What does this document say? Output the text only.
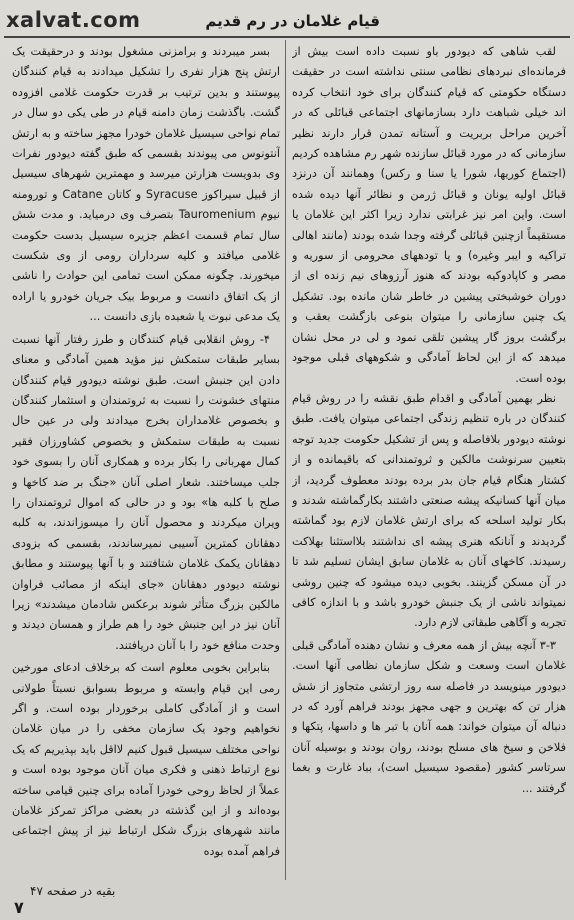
xalvat.com	قیام غلامان در رم قدیم

لقب شاهی که دیودور باو نسبت داده است بیش از فرمانده‌ای نبردهای نظامی سنتی نداشته است در حقیقت دستگاه حکومتی که قیام کنندگان برای خود انتخاب کرده اند خیلی شباهت دارد بسازمانهای اجتماعی قبائلی که در آخرین مراحل بربریت و آستانه تمدن قرار دارند نظیر سازمانی که در مورد قبائل سازنده شهر رم مشاهده کردیم (اجتماع کوریها، شورا یا سنا و رکس) وهمانند آن درنزد قبائل اولیه یونان و قبائل ژرمن و نظائر آنها دیده شده است. واین امر نیز غرابتی ندارد زیرا اکثر این غلامان یا مستقیماً ازچنین قبائلی گرفته وجدا شده بودند (مانند اهالی تراکیه و ایبر وغیره) و یا تودههای محرومی از سوریه و مصر و کاپادوکیه بودند که هنوز آرزوهای نیم زنده ای از دوران خوشبختی پیشین در خاطر شان مانده بود. تشکیل یک چنین سازمانی را میتوان بنوعی بازگشت بعقب و برگشت بروز گار پیشین تلقی نمود و لی در محل نشان میدهد که از این لحاظ آمادگی و شکوههای قبلی موجود بوده است.

نظر بهمین آمادگی و اقدام طبق نقشه را در روش قیام کنندگان در باره تنظیم زندگی اجتماعی میتوان یافت. طبق نوشته دیودور بلافاصله و پس از تشکیل حکومت جدید توجه بتعیین سرنوشت مالکین و ثروتمندانی که باقیمانده و از کشتار هنگام قیام جان بدر برده بودند معطوف گردید، از میان آنها کسانیکه پیشه صنعتی داشتند بکارگماشته شدند و بکار تولید اسلحه که برای ارتش غلامان لازم بود گماشته گردیدند و آنانکه هنری پیشه ای نداشتند بلااستثنا بهلاکت رسیدند. کاخهای آنان به غلامان سابق ایشان تسلیم شد تا در آن مسکن گزینند. بخوبی دیده میشود که چنین روشی نمیتواند ناشی از یک جنبش خودرو باشد و با اندازه کافی تجربه و آگاهی طبقاتی لازم دارد.

۳-۳ آنچه بیش از همه معرف و نشان دهنده آمادگی قبلی غلامان است وسعت و شکل سازمان نظامی آنها است. دیودور مینویسد در فاصله سه روز ارتشی متجاوز از شش هزار تن که بهترین و جهی مجهز بودند فراهم آورد که در دنباله آن میتوان خواند: همه آنان با تبر ها و داسها، پتکها و فلاخن و سیخ های مسلح بودند، روان بودند و بوسیله آنان سرتاسر کشور (مقصود سیسیل است)، بباد غارت و بغما گرفتند ...

بسر میبردند و برامزنی مشغول بودند و درحقیقت یک ارتش پنج هزار نفری را تشکیل میدادند به قیام کنندگان پیوستند و بدین ترتیب بر قدرت حکومت غلامی افزوده گشت. باگذشت زمان دامنه قیام در طی یکی دو سال در تمام نواحی سیسیل غلامان خودرا مجهز ساخته و به ارتش آنتونوس می پیوندند بقسمی که طبق گفته دیودور نفرات وی بدویست هزارتن میرسد و مهمترین شهرهای سیسیل از قبیل سیراکوز Syracuse و کاتان Catane و تورومنه نیوم Tauromenium بتصرف وی درمیاید. و مدت شش سال تمام قسمت اعظم جزیره سیسیل بدست حکومت غلامی میافتد و کلیه سرداران رومی از وی شکست میخورند. چگونه ممکن است تمامی این حوادث را ناشی از یک اتفاق دانست و مربوط بیک جریان خودرو یا اراده یک مدعی نبوت یا شعبده بازی دانست ...

۴- روش انقلابی قیام کنندگان و طرز رفتار آنها نسبت بسایر طبقات ستمکش نیز مؤید همین آمادگی و معنای دادن این جنبش است. طبق نوشته دیودور قیام کنندگان منتهای خشونت را نسبت به ثروتمندان و استثمار کنندگان و بخصوص غلامداران بخرج میدادند ولی در عین حال نسبت به طبقات ستمکش و بخصوص کشاورزان فقیر کمال مهربانی را بکار برده و همکاری آنان را بسوی خود جلب میساختند. شعار اصلی آنان «جنگ بر ضد کاخها و صلح با کلبه ها» بود و در حالی که اموال ثروتمندان را ویران میکردند و محصول آنان را میسوزاندند، به کلبه دهقانان کمترین آسیبی نمیرساندند، بقسمی که بزودی دهقانان یکمک غلامان شتافتند و با آنها پیوستند و مطابق نوشته دیودور دهقانان «جای اینکه از مصائب فراوان مالکین بزرگ متأثر شوند برعکس شادمان میشدند» زیرا آنان نیز در این جنبش خود را هم طراز و همسان دیدند و وحدت منافع خود را با آنان دریافتند.

بنابراین بخوبی معلوم است که برخلاف ادعای مورخین رمی این قیام وابسته و مربوط بسوابق نسبتاً طولانی است و از آمادگی کاملی برخوردار بوده است. و اگر نخواهیم وجود یک سازمان مخفی را در میان غلامان نواحی مختلف سیسیل قبول کنیم لااقل باید بپذیریم که یک نوع ارتباط ذهنی و فکری میان آنان موجود بوده است و عملاً از لحاظ روحی خودرا آماده برای چنین قیامی ساخته بوده‌اند و از این گذشته در بعضی مراکز تمرکز غلامان مانند شهرهای بزرگ شکل ارتباط نیز از پیش اجتماعی فراهم آمده بوده

بقیه در صفحه ۴۷
۷
